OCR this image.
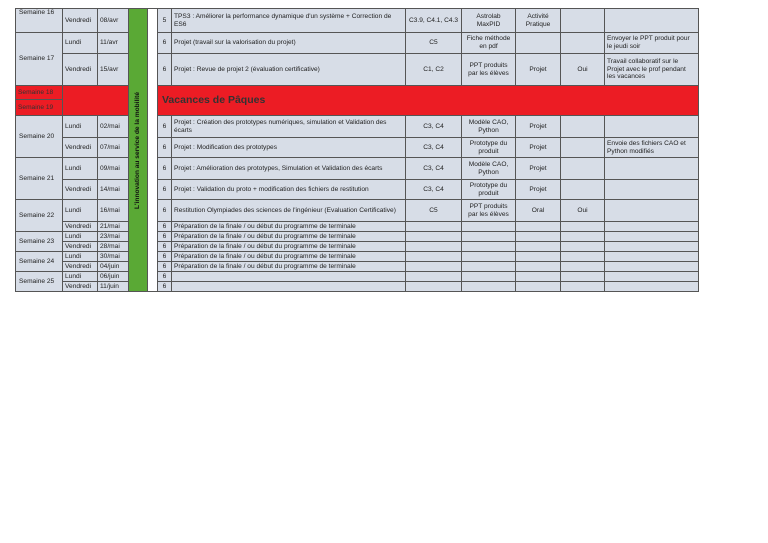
Semaine 16	Vendredi	08/avr	L'innovation au service de la mobilité		5	TPS3 : Améliorer la performance dynamique d'un système + Correction de ES6	C3.9, C4.1, C4.3	Astrolab MaxPID	Activité Pratique		
Semaine 17	Lundi	11/avr			6	Projet (travail sur la valorisation du projet)	C5	Fiche méthode en pdf			Envoyer le PPT produit pour le jeudi soir
	Vendredi	15/avr			6	Projet : Revue de projet 2 (évaluation certificative)	C1, C2	PPT produits par les élèves	Projet	Oui	Travail collaboratif sur le Projet avec le prof pendant les vacances
Semaine 18					Vacances de Pâques						
Semaine 19											
Semaine 20	Lundi	02/mai			6	Projet : Création des prototypes numériques, simulation et Validation des écarts	C3, C4	Modèle CAO, Python	Projet		
	Vendredi	07/mai			6	Projet : Modification des prototypes	C3, C4	Prototype du produit	Projet		Envoie des fichiers CAO et Python modifiés
Semaine 21	Lundi	09/mai			6	Projet : Amélioration des prototypes, Simulation et Validation des écarts	C3, C4	Modèle CAO, Python	Projet		
	Vendredi	14/mai			6	Projet : Validation du proto + modification des fichiers de restitution	C3, C4	Prototype du produit	Projet		
Semaine 22	Lundi	16/mai			6	Restitution Olympiades des sciences de l'ingénieur (Evaluation Certificative)	C5	PPT produits par les élèves	Oral	Oui	
	Vendredi	21/mai			6	Préparation de la finale / ou début du programme de terminale					
Semaine 23	Lundi	23/mai			6	Préparation de la finale / ou début du programme de terminale					
	Vendredi	28/mai			6	Préparation de la finale / ou début du programme de terminale					
Semaine 24	Lundi	30/mai			6	Préparation de la finale / ou début du programme de terminale					
	Vendredi	04/juin			6	Préparation de la finale / ou début du programme de terminale					
Semaine 25	Lundi	06/juin			6						
	Vendredi	11/juin			6						
